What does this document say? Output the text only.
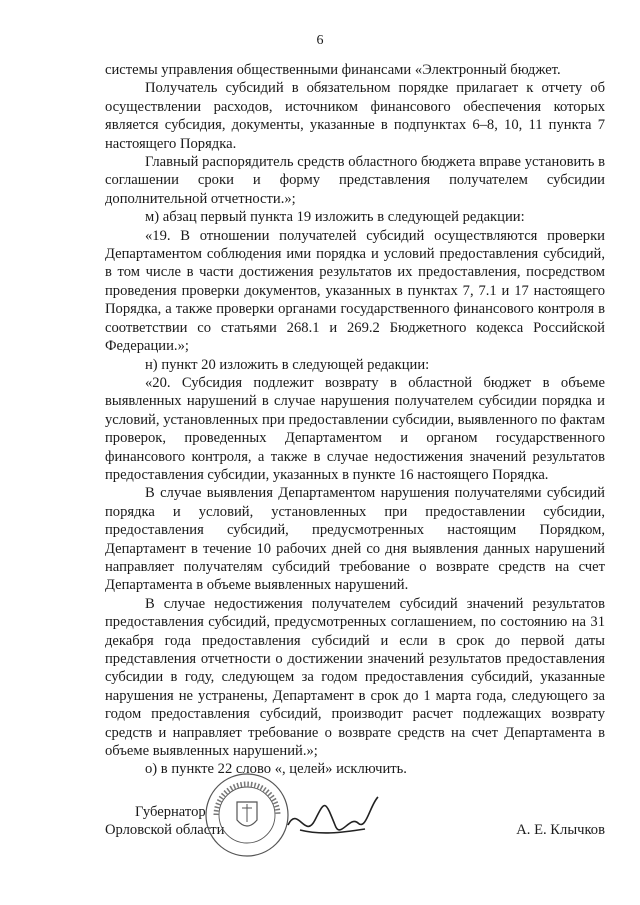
6

системы управления общественными финансами «Электронный бюджет.

Получатель субсидий в обязательном порядке прилагает к отчету об осуществлении расходов, источником финансового обеспечения которых является субсидия, документы, указанные в подпунктах 6–8, 10, 11 пункта 7 настоящего Порядка.

Главный распорядитель средств областного бюджета вправе установить в соглашении сроки и форму представления получателем субсидии дополнительной отчетности.»;

м) абзац первый пункта 19 изложить в следующей редакции:

«19. В отношении получателей субсидий осуществляются проверки Департаментом соблюдения ими порядка и условий предоставления субсидий, в том числе в части достижения результатов их предоставления, посредством проведения проверки документов, указанных в пунктах 7, 7.1 и 17 настоящего Порядка, а также проверки органами государственного финансового контроля в соответствии со статьями 268.1 и 269.2 Бюджетного кодекса Российской Федерации.»;

н) пункт 20 изложить в следующей редакции:

«20. Субсидия подлежит возврату в областной бюджет в объеме выявленных нарушений в случае нарушения получателем субсидии порядка и условий, установленных при предоставлении субсидии, выявленного по фактам проверок, проведенных Департаментом и органом государственного финансового контроля, а также в случае недостижения значений результатов предоставления субсидии, указанных в пункте 16 настоящего Порядка.

В случае выявления Департаментом нарушения получателями субсидий порядка и условий, установленных при предоставлении субсидии, предоставления субсидий, предусмотренных настоящим Порядком, Департамент в течение 10 рабочих дней со дня выявления данных нарушений направляет получателям субсидий требование о возврате средств на счет Департамента в объеме выявленных нарушений.

В случае недостижения получателем субсидий значений результатов предоставления субсидий, предусмотренных соглашением, по состоянию на 31 декабря года предоставления субсидий и если в срок до первой даты представления отчетности о достижении значений результатов предоставления субсидии в году, следующем за годом предоставления субсидий, указанные нарушения не устранены, Департамент в срок до 1 марта года, следующего за годом предоставления субсидий, производит расчет подлежащих возврату средств и направляет требование о возврате средств на счет Департамента в объеме выявленных нарушений.»;

о) в пункте 22 слово «, целей» исключить.

Губернатор
Орловской области	А. Е. Клычков
